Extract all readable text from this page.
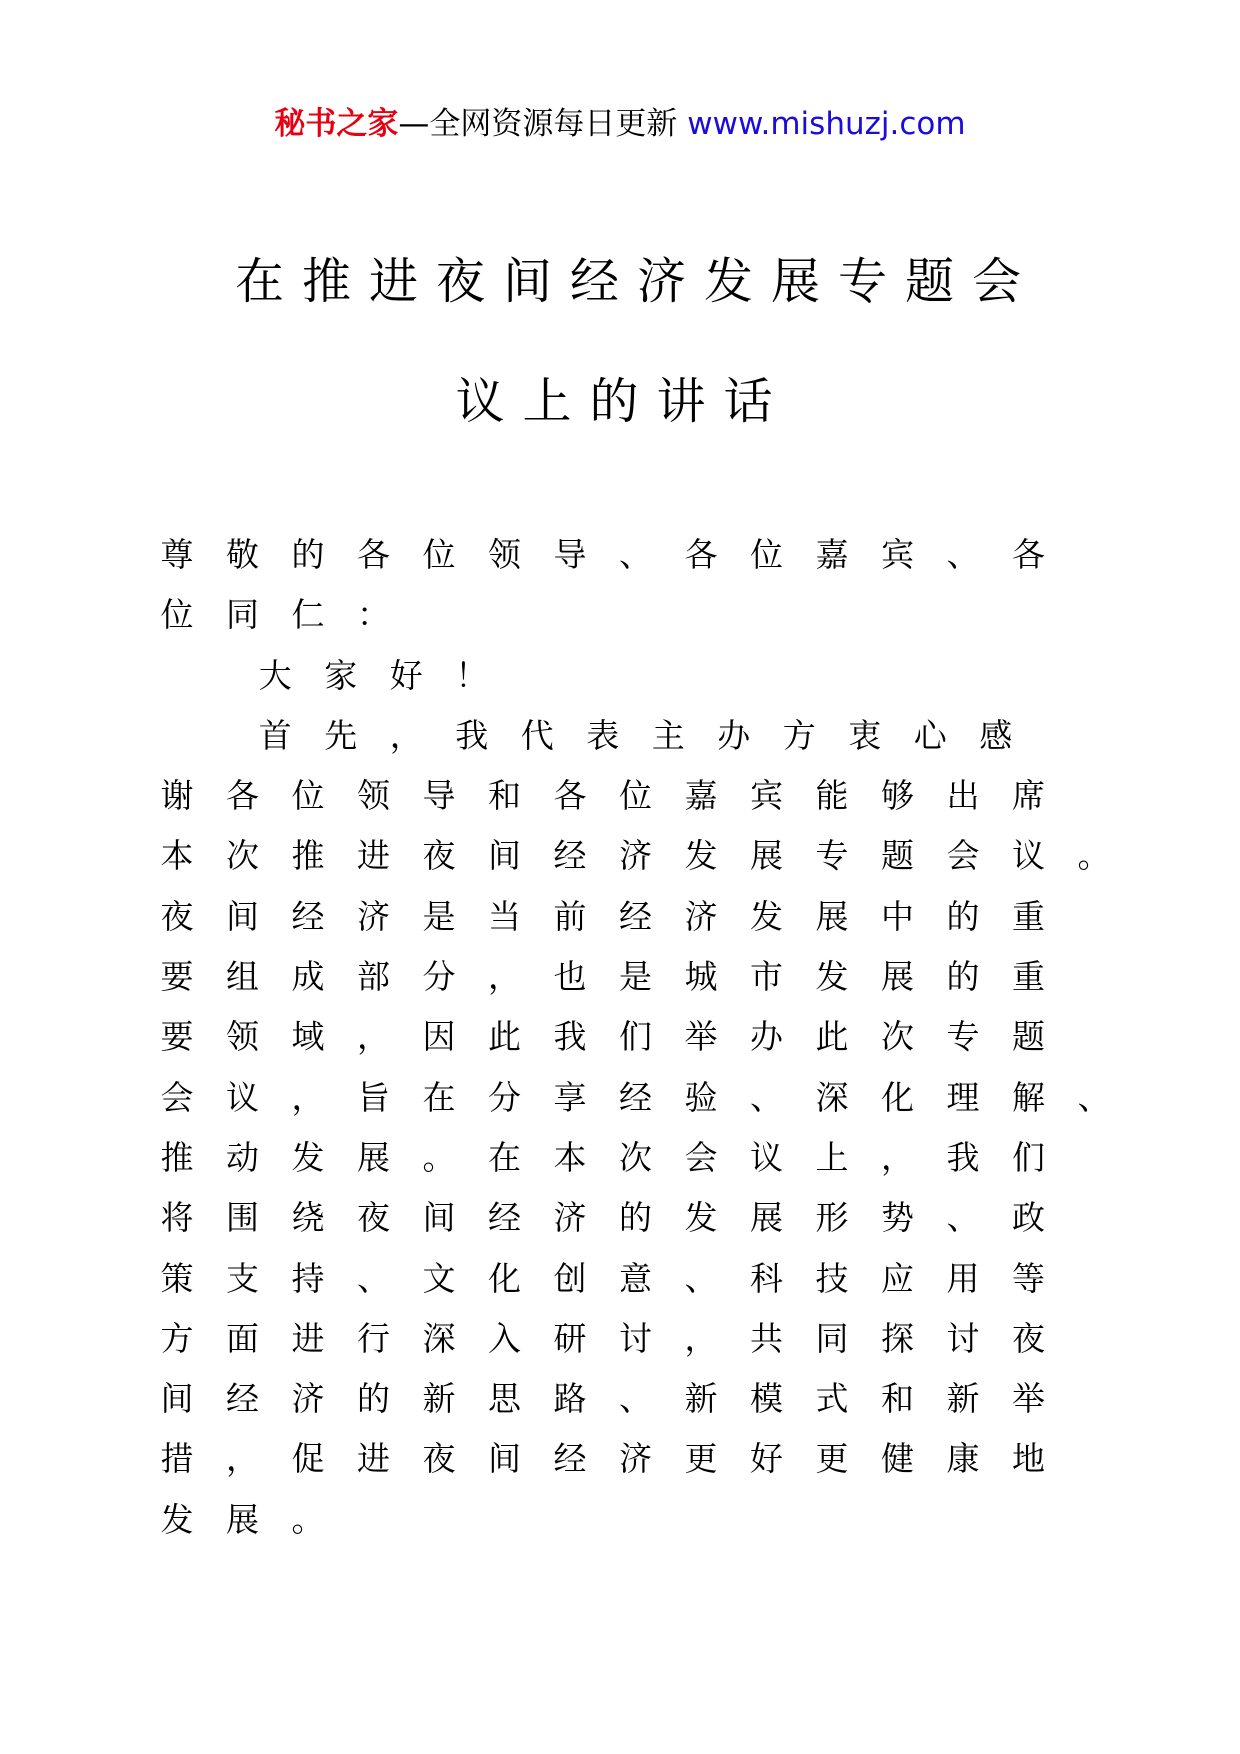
秘书之家—全网资源每日更新 www.mishuzj.com
在推进夜间经济发展专题会
议上的讲话
尊 敬 的 各 位 领 导 、 各 位 嘉 宾 、 各
位 同 仁 ：
大 家 好 ！
首 先 ， 我 代 表 主 办 方 衷 心 感
谢 各 位 领 导 和 各 位 嘉 宾 能 够 出 席
本 次 推 进 夜 间 经 济 发 展 专 题 会 议 。
夜 间 经 济 是 当 前 经 济 发 展 中 的 重
要 组 成 部 分 ， 也 是 城 市 发 展 的 重
要 领 域 ， 因 此 我 们 举 办 此 次 专 题
会 议 ， 旨 在 分 享 经 验 、 深 化 理 解 、
推 动 发 展 。 在 本 次 会 议 上 ， 我 们
将 围 绕 夜 间 经 济 的 发 展 形 势 、 政
策 支 持 、 文 化 创 意 、 科 技 应 用 等
方 面 进 行 深 入 研 讨 ， 共 同 探 讨 夜
间 经 济 的 新 思 路 、 新 模 式 和 新 举
措 ， 促 进 夜 间 经 济 更 好 更 健 康 地
发 展 。
